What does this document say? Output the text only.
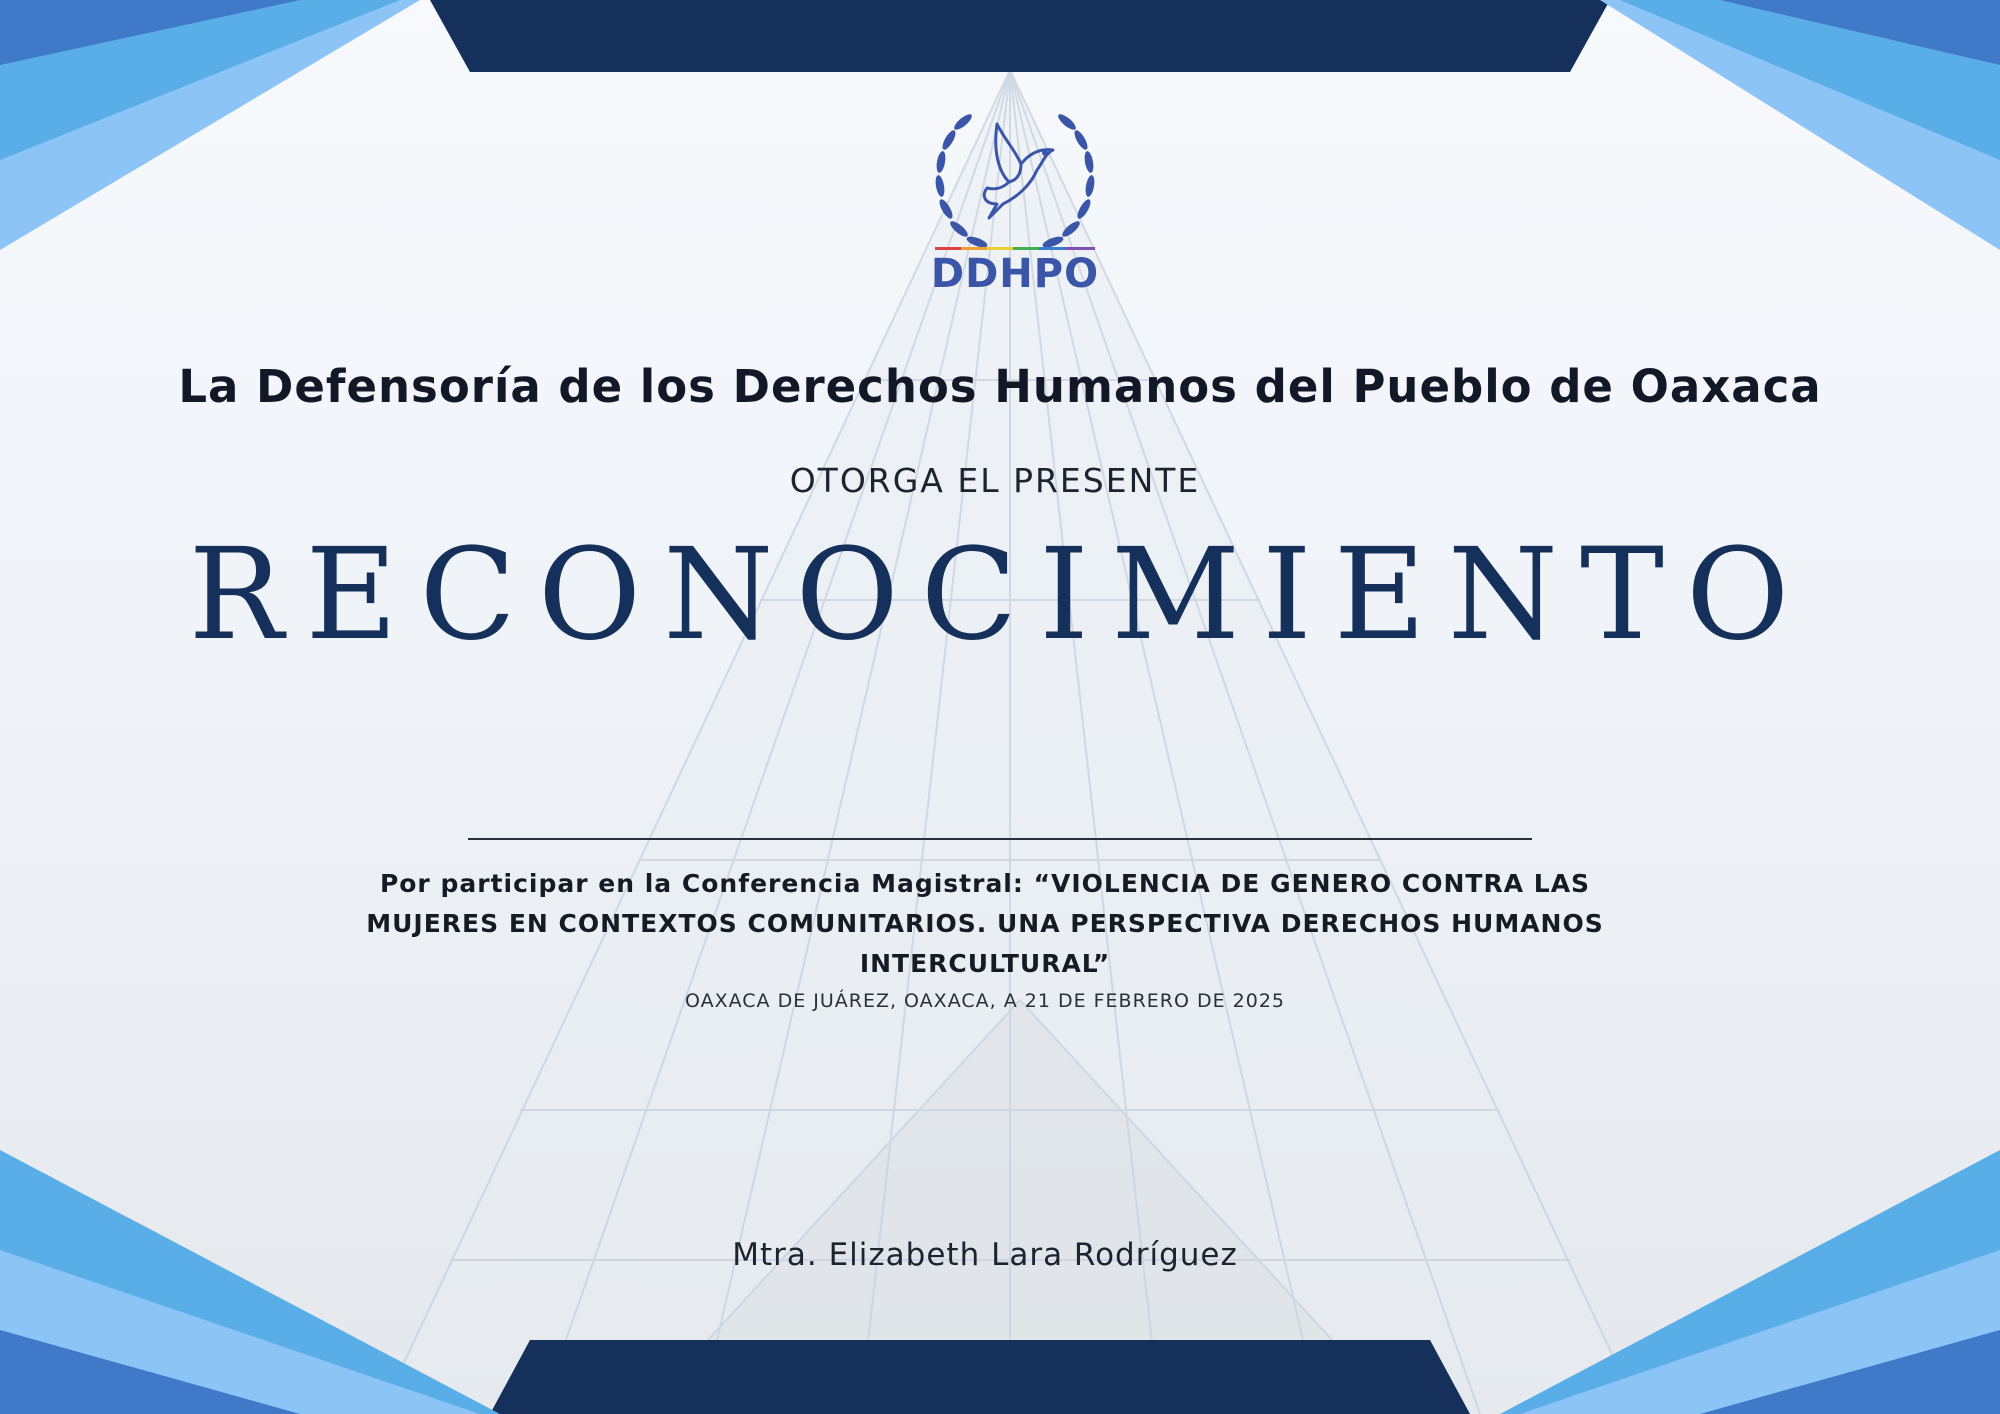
DDHPO
La Defensoría de los Derechos Humanos del Pueblo de Oaxaca
OTORGA EL PRESENTE
RECONOCIMIENTO
Por participar en la Conferencia Magistral: “VIOLENCIA DE GENERO CONTRA LAS MUJERES EN CONTEXTOS COMUNITARIOS. UNA PERSPECTIVA DERECHOS HUMANOS INTERCULTURAL”
OAXACA DE JUÁREZ, OAXACA, A 21 DE FEBRERO DE 2025
Mtra. Elizabeth Lara Rodríguez
